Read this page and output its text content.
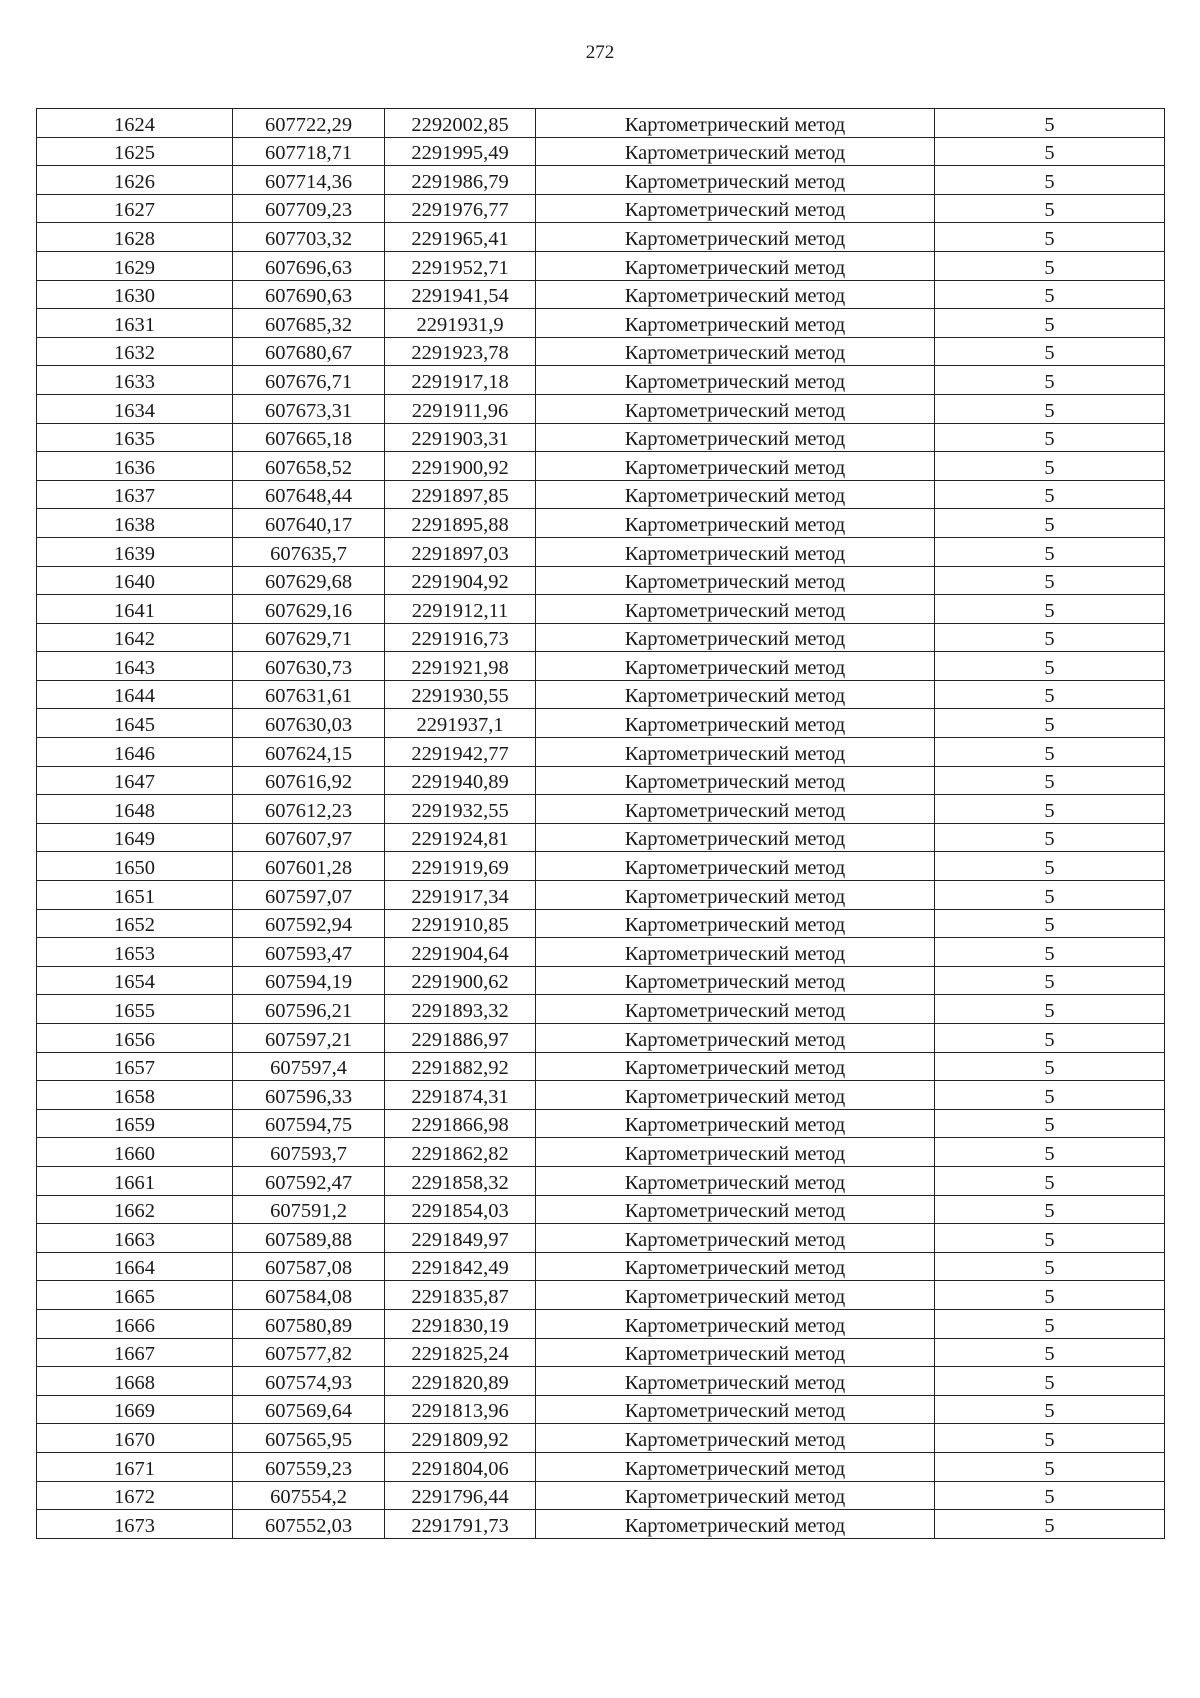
272
1624	607722,29	2292002,85	Картометрический метод	5
1625	607718,71	2291995,49	Картометрический метод	5
1626	607714,36	2291986,79	Картометрический метод	5
1627	607709,23	2291976,77	Картометрический метод	5
1628	607703,32	2291965,41	Картометрический метод	5
1629	607696,63	2291952,71	Картометрический метод	5
1630	607690,63	2291941,54	Картометрический метод	5
1631	607685,32	2291931,9	Картометрический метод	5
1632	607680,67	2291923,78	Картометрический метод	5
1633	607676,71	2291917,18	Картометрический метод	5
1634	607673,31	2291911,96	Картометрический метод	5
1635	607665,18	2291903,31	Картометрический метод	5
1636	607658,52	2291900,92	Картометрический метод	5
1637	607648,44	2291897,85	Картометрический метод	5
1638	607640,17	2291895,88	Картометрический метод	5
1639	607635,7	2291897,03	Картометрический метод	5
1640	607629,68	2291904,92	Картометрический метод	5
1641	607629,16	2291912,11	Картометрический метод	5
1642	607629,71	2291916,73	Картометрический метод	5
1643	607630,73	2291921,98	Картометрический метод	5
1644	607631,61	2291930,55	Картометрический метод	5
1645	607630,03	2291937,1	Картометрический метод	5
1646	607624,15	2291942,77	Картометрический метод	5
1647	607616,92	2291940,89	Картометрический метод	5
1648	607612,23	2291932,55	Картометрический метод	5
1649	607607,97	2291924,81	Картометрический метод	5
1650	607601,28	2291919,69	Картометрический метод	5
1651	607597,07	2291917,34	Картометрический метод	5
1652	607592,94	2291910,85	Картометрический метод	5
1653	607593,47	2291904,64	Картометрический метод	5
1654	607594,19	2291900,62	Картометрический метод	5
1655	607596,21	2291893,32	Картометрический метод	5
1656	607597,21	2291886,97	Картометрический метод	5
1657	607597,4	2291882,92	Картометрический метод	5
1658	607596,33	2291874,31	Картометрический метод	5
1659	607594,75	2291866,98	Картометрический метод	5
1660	607593,7	2291862,82	Картометрический метод	5
1661	607592,47	2291858,32	Картометрический метод	5
1662	607591,2	2291854,03	Картометрический метод	5
1663	607589,88	2291849,97	Картометрический метод	5
1664	607587,08	2291842,49	Картометрический метод	5
1665	607584,08	2291835,87	Картометрический метод	5
1666	607580,89	2291830,19	Картометрический метод	5
1667	607577,82	2291825,24	Картометрический метод	5
1668	607574,93	2291820,89	Картометрический метод	5
1669	607569,64	2291813,96	Картометрический метод	5
1670	607565,95	2291809,92	Картометрический метод	5
1671	607559,23	2291804,06	Картометрический метод	5
1672	607554,2	2291796,44	Картометрический метод	5
1673	607552,03	2291791,73	Картометрический метод	5
